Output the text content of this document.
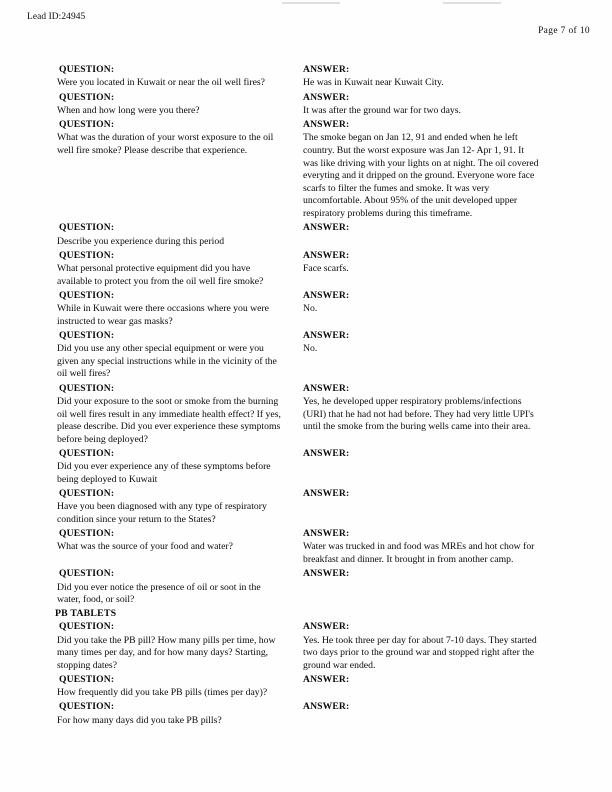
Lead ID:24945
Page 7 of 10

QUESTION:

Were you located in Kuwait or near the oil well fires?

ANSWER:

He was in Kuwait near Kuwait City.

QUESTION:

When and how long were you there?

ANSWER:

It was after the ground war for two days.

QUESTION:

What was the duration of your worst exposure to the oil well fire smoke? Please describe that experience.

ANSWER:

The smoke began on Jan 12, 91 and ended when he left country. But the worst exposure was Jan 12- Apr 1, 91. It was like driving with your lights on at night. The oil covered everyting and it dripped on the ground. Everyone wore face scarfs to filter the fumes and smoke. It was very uncomfortable. About 95% of the unit developed upper respiratory problems during this timeframe.

QUESTION:

Describe you experience during this period

ANSWER:

QUESTION:

What personal protective equipment did you have available to protect you from the oil well fire smoke?

ANSWER:

Face scarfs.

QUESTION:

While in Kuwait were there occasions where you were instructed to wear gas masks?

ANSWER:

No.

QUESTION:

Did you use any other special equipment or were you given any special instructions while in the vicinity of the oil well fires?

ANSWER:

No.

QUESTION:

Did your exposure to the soot or smoke from the burning oil well fires result in any immediate health effect? If yes, please describe. Did you ever experience these symptoms before being deployed?

ANSWER:

Yes, he developed upper respiratory problems/infections (URI) that he had not had before. They had very little UPI's until the smoke from the buring wells came into their area.

QUESTION:

Did you ever experience any of these symptoms before being deployed to Kuwait

ANSWER:

QUESTION:

Have you been diagnosed with any type of respiratory condition since your return to the States?

ANSWER:

QUESTION:

What was the source of your food and water?

ANSWER:

Water was trucked in and food was MREs and hot chow for breakfast and dinner. It brought in from another camp.

QUESTION:

Did you ever notice the presence of oil or soot in the water, food, or soil?

ANSWER:

PB TABLETS

QUESTION:

Did you take the PB pill? How many pills per time, how many times per day, and for how many days? Starting, stopping dates?

ANSWER:

Yes. He took three per day for about 7-10 days. They started two days prior to the ground war and stopped right after the ground war ended.

QUESTION:

How frequently did you take PB pills (times per day)?

ANSWER:

QUESTION:

For how many days did you take PB pills?

ANSWER:
